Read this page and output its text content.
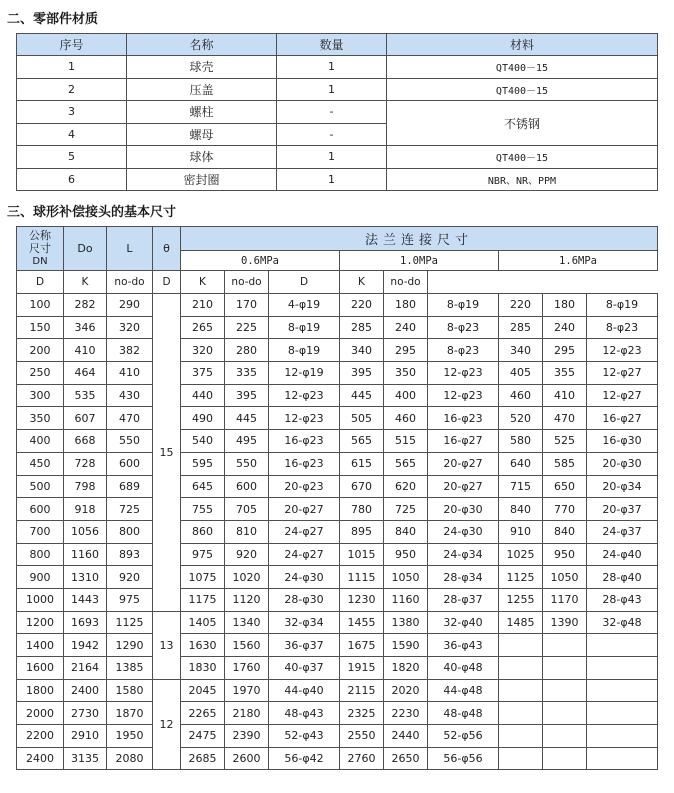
二、零部件材质
序号	名称	数量	材料
1	球壳	1	QT400－15
2	压盖	1	QT400－15
3	螺柱	-	不锈钢
4	螺母	-	
5	球体	1	QT400－15
6	密封圈	1	NBR、NR、PPM
三、球形补偿接头的基本尺寸
公称
尺寸
DN	Do	L	θ	法兰连接尺寸								
				0.6MPa			1.0MPa			1.6MPa		
D	K	no-do	D	K	no-do	D	K	no-do				
100	282	290	15	210	170	4-φ19	220	180	8-φ19	220	180	8-φ19
150	346	320		265	225	8-φ19	285	240	8-φ23	285	240	8-φ23
200	410	382		320	280	8-φ19	340	295	8-φ23	340	295	12-φ23
250	464	410		375	335	12-φ19	395	350	12-φ23	405	355	12-φ27
300	535	430		440	395	12-φ23	445	400	12-φ23	460	410	12-φ27
350	607	470		490	445	12-φ23	505	460	16-φ23	520	470	16-φ27
400	668	550		540	495	16-φ23	565	515	16-φ27	580	525	16-φ30
450	728	600		595	550	16-φ23	615	565	20-φ27	640	585	20-φ30
500	798	689		645	600	20-φ23	670	620	20-φ27	715	650	20-φ34
600	918	725		755	705	20-φ27	780	725	20-φ30	840	770	20-φ37
700	1056	800		860	810	24-φ27	895	840	24-φ30	910	840	24-φ37
800	1160	893		975	920	24-φ27	1015	950	24-φ34	1025	950	24-φ40
900	1310	920		1075	1020	24-φ30	1115	1050	28-φ34	1125	1050	28-φ40
1000	1443	975		1175	1120	28-φ30	1230	1160	28-φ37	1255	1170	28-φ43
1200	1693	1125	13	1405	1340	32-φ34	1455	1380	32-φ40	1485	1390	32-φ48
1400	1942	1290		1630	1560	36-φ37	1675	1590	36-φ43			
1600	2164	1385		1830	1760	40-φ37	1915	1820	40-φ48			
1800	2400	1580	12	2045	1970	44-φ40	2115	2020	44-φ48			
2000	2730	1870		2265	2180	48-φ43	2325	2230	48-φ48			
2200	2910	1950		2475	2390	52-φ43	2550	2440	52-φ56			
2400	3135	2080		2685	2600	56-φ42	2760	2650	56-φ56			
